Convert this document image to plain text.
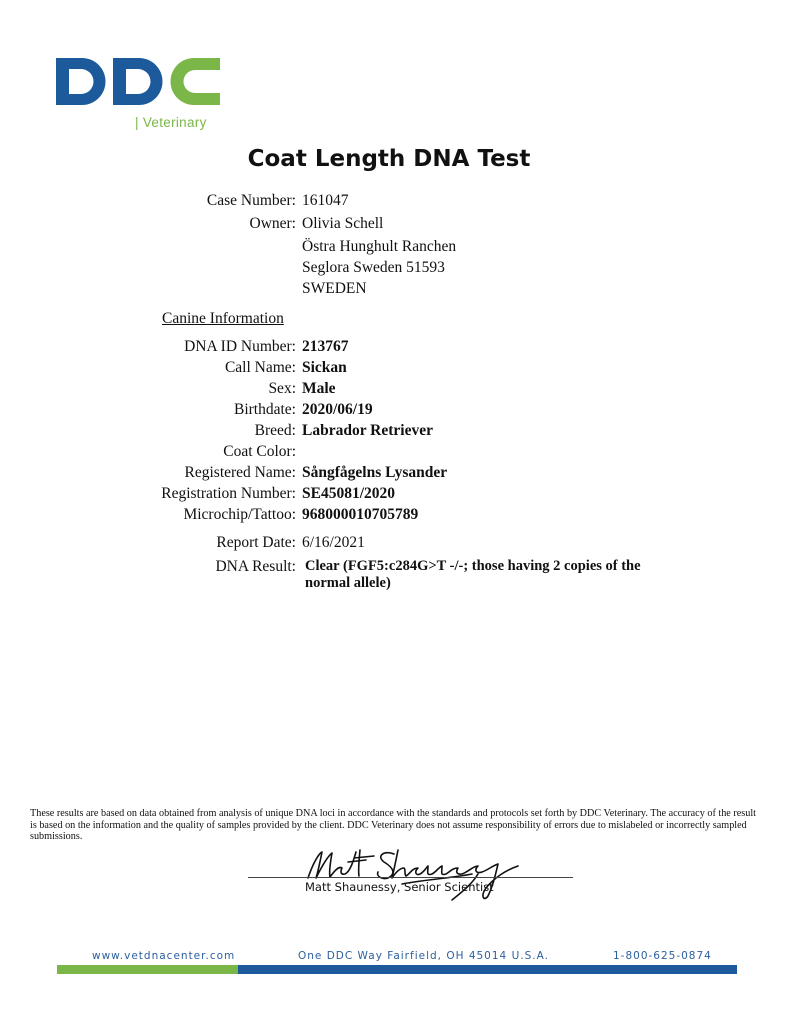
| Veterinary
Coat Length DNA Test
Case Number: 161047
Owner: Olivia Schell
Östra Hunghult Ranchen
Seglora Sweden 51593
SWEDEN
Canine Information
DNA ID Number: 213767
Call Name: Sickan
Sex: Male
Birthdate: 2020/06/19
Breed: Labrador Retriever
Coat Color:
Registered Name: Sångfågelns Lysander
Registration Number: SE45081/2020
Microchip/Tattoo: 968000010705789
Report Date: 6/16/2021
DNA Result: Clear (FGF5:c284G>T -/-; those having 2 copies of the normal allele)
These results are based on data obtained from analysis of unique DNA loci in accordance with the standards and protocols set forth by DDC Veterinary. The accuracy of the result is based on the information and the quality of samples provided by the client. DDC Veterinary does not assume responsibility of errors due to mislabeled or incorrectly sampled submissions.
Matt Shaunessy, Senior Scientist
www.vetdnacenter.com	One DDC Way Fairfield, OH 45014 U.S.A.	1-800-625-0874
